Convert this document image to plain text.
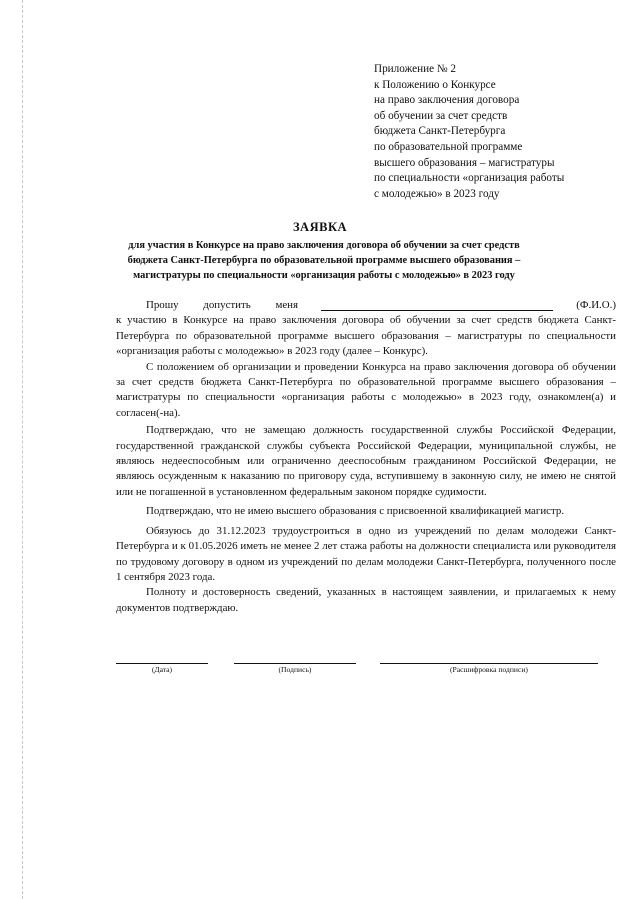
Приложение № 2
к Положению о Конкурсе
на право заключения договора
об обучении за счет средств
бюджета Санкт-Петербурга
по образовательной программе
высшего образования – магистратуры
по специальности «организация работы
с молодежью» в 2023 году
ЗАЯВКА
для участия в Конкурсе на право заключения договора об обучении за счет средств
бюджета Санкт-Петербурга по образовательной программе высшего образования –
магистратуры по специальности «организация работы с молодежью» в 2023 году
Прошу допустить меня	(Ф.И.О.)

к участию в Конкурсе на право заключения договора об обучении за счет средств бюджета Санкт-Петербурга по образовательной программе высшего образования – магистратуры по специальности «организация работы с молодежью» в 2023 году (далее – Конкурс).

С положением об организации и проведении Конкурса на право заключения договора об обучении за счет средств бюджета Санкт-Петербурга по образовательной программе высшего образования – магистратуры по специальности «организация работы с молодежью» в 2023 году, ознакомлен(а) и согласен(-на).

Подтверждаю, что не замещаю должность государственной службы Российской Федерации, государственной гражданской службы субъекта Российской Федерации, муниципальной службы, не являюсь недееспособным или ограниченно дееспособным гражданином Российской Федерации, не являюсь осужденным к наказанию по приговору суда, вступившему в законную силу, не имею не снятой или не погашенной в установленном федеральным законом порядке судимости.

Подтверждаю, что не имею высшего образования с присвоенной квалификацией магистр.

Обязуюсь до 31.12.2023 трудоустроиться в одно из учреждений по делам молодежи Санкт-Петербурга и к 01.05.2026 иметь не менее 2 лет стажа работы на должности специалиста или руководителя по трудовому договору в одном из учреждений по делам молодежи Санкт-Петербурга, полученного после 1 сентября 2023 года.

Полноту и достоверность сведений, указанных в настоящем заявлении, и прилагаемых к нему документов подтверждаю.

(Дата)	(Подпись)	(Расшифровка подписи)
